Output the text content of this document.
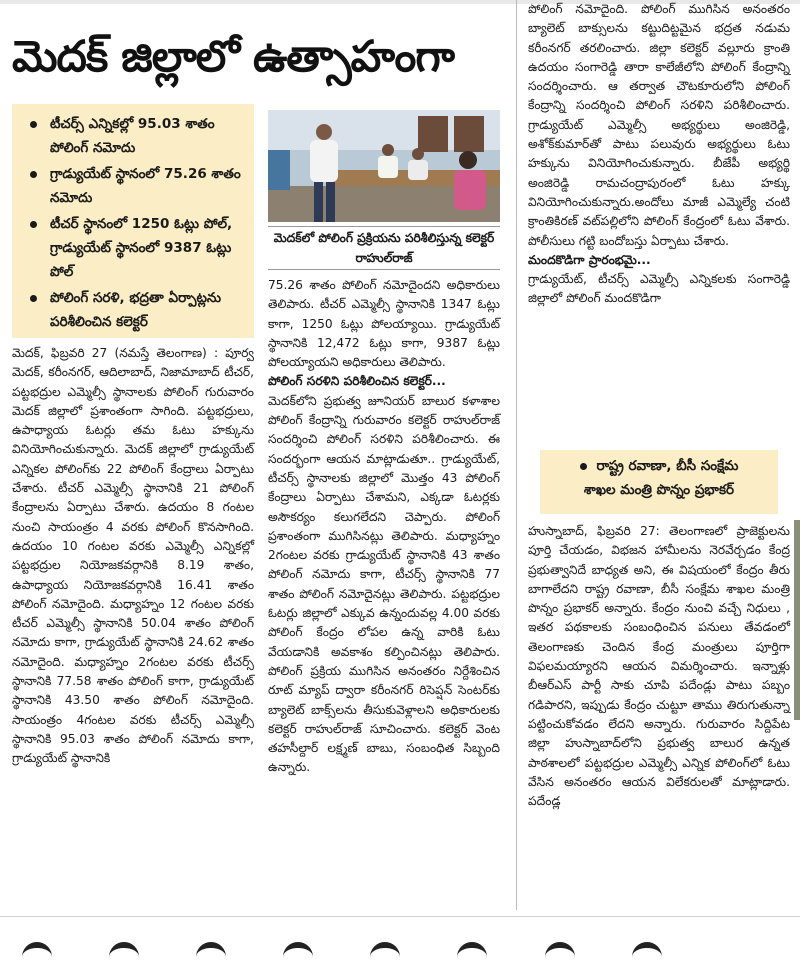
మెదక్ జిల్లాలో ఉత్సాహంగా
టీచర్స్ ఎన్నికల్లో 95.03 శాతం పోలింగ్ నమోదు
గ్రాడ్యుయేట్ స్థానంలో 75.26 శాతం నమోదు
టీచర్ స్థానంలో 1250 ఓట్లు పోల్, గ్రాడ్యుయేట్ స్థానంలో 9387 ఓట్లు పోల్
పోలింగ్ సరళి, భద్రతా ఏర్పాట్లను పరిశీలించిన కలెక్టర్
మెదక్‌లో పోలింగ్ ప్రక్రియను పరిశీలిస్తున్న కలెక్టర్ రాహుల్‌రాజ్

మెదక్, ఫిబ్రవరి 27 (నమస్తే తెలంగాణ) : పూర్వ మెదక్, కరీంనగర్, ఆదిలాబాద్, నిజామాబాద్ టీచర్, పట్టభద్రుల ఎమ్మెల్సీ స్థానాలకు పోలింగ్ గురువారం మెదక్ జిల్లాలో ప్రశాంతంగా సాగింది. పట్టభద్రులు, ఉపాధ్యాయ ఓటర్లు తమ ఓటు హక్కును వినియోగించుకున్నారు. మెదక్ జిల్లాలో గ్రాడ్యుయేట్ ఎన్నికల పోలింగ్‌కు 22 పోలింగ్ కేంద్రాలు ఏర్పాటు చేశారు. టీచర్ ఎమ్మెల్సీ స్థానానికి 21 పోలింగ్ కేంద్రాలను ఏర్పాటు చేశారు. ఉదయం 8 గంటల నుంచి సాయంత్రం 4 వరకు పోలింగ్ కొనసాగింది. ఉదయం 10 గంటల వరకు ఎమ్మెల్సీ ఎన్నికల్లో పట్టభద్రుల నియోజకవర్గానికి 8.19 శాతం, ఉపాధ్యాయ నియోజకవర్గానికి 16.41 శాతం పోలింగ్ నమోదైంది. మధ్యాహ్నం 12 గంటల వరకు టీచర్ ఎమ్మెల్సీ స్థానానికి 50.04 శాతం పోలింగ్ నమోదు కాగా, గ్రాడ్యుయేట్ స్థానానికి 24.62 శాతం నమోదైంది. మధ్యాహ్నం 2గంటల వరకు టీచర్స్ స్థానానికి 77.58 శాతం పోలింగ్ కాగా, గ్రాడ్యుయేట్ స్థానానికి 43.50 శాతం పోలింగ్ నమోదైంది. సాయంత్రం 4గంటల వరకు టీచర్స్ ఎమ్మెల్సీ స్థానానికి 95.03 శాతం పోలింగ్ నమోదు కాగా, గ్రాడ్యుయేట్ స్థానానికి

75.26 శాతం పోలింగ్ నమోదైందని అధికారులు తెలిపారు. టీచర్ ఎమ్మెల్సీ స్థానానికి 1347 ఓట్లు కాగా, 1250 ఓట్లు పోలయ్యాయి. గ్రాడ్యుయేట్ స్థానానికి 12,472 ఓట్లు కాగా, 9387 ఓట్లు పోలయ్యాయని అధికారులు తెలిపారు.

పోలింగ్ సరళిని పరిశీలించిన కలెక్టర్...

మెదక్‌లోని ప్రభుత్వ జూనియర్ బాలుర కళాశాల పోలింగ్ కేంద్రాన్ని గురువారం కలెక్టర్ రాహుల్‌రాజ్ సందర్శించి పోలింగ్ సరళిని పరిశీలించారు. ఈ సందర్భంగా ఆయన మాట్లాడుతూ.. గ్రాడ్యుయేట్, టీచర్స్ స్థానాలకు జిల్లాలో మొత్తం 43 పోలింగ్ కేంద్రాలు ఏర్పాటు చేశామని, ఎక్కడా ఓటర్లకు అసౌకర్యం కలుగలేదని చెప్పారు. పోలింగ్ ప్రశాంతంగా ముగిసినట్లు తెలిపారు. మధ్యాహ్నం 2గంటల వరకు గ్రాడ్యుయేట్ స్థానానికి 43 శాతం పోలింగ్ నమోదు కాగా, టీచర్స్ స్థానానికి 77 శాతం పోలింగ్ నమోదైనట్లు తెలిపారు. పట్టభద్రుల ఓటర్లు జిల్లాలో ఎక్కువ ఉన్నందువల్ల 4.00 వరకు పోలింగ్ కేంద్రం లోపల ఉన్న వారికి ఓటు వేయడానికి అవకాశం కల్పించినట్లు తెలిపారు. పోలింగ్ ప్రక్రియ ముగిసిన అనంతరం నిర్దేశించిన రూట్ మ్యాప్ ద్వారా కరీంనగర్ రిసెప్షన్ సెంటర్‌కు బ్యాలెట్ బాక్స్‌లను తీసుకువెళ్లాలని అధికారులకు కలెక్టర్ రాహుల్‌రాజ్ సూచించారు. కలెక్టర్ వెంట తహసీల్దార్ లక్ష్మణ్ బాబు, సంబంధిత సిబ్బంది ఉన్నారు.

పోలింగ్ నమోదైంది. పోలింగ్ ముగిసిన అనంతరం బ్యాలెట్ బాక్సులను కట్టుదిట్టమైన భద్రత నడుమ కరీంనగర్ తరలించారు. జిల్లా కలెక్టర్ వల్లూరు క్రాంతి ఉదయం సంగారెడ్డి తారా కాలేజీలోని పోలింగ్ కేంద్రాన్ని సందర్శించారు. ఆ తర్వాత చౌటకూరులోని పోలింగ్ కేంద్రాన్ని సందర్శించి పోలింగ్ సరళిని పరిశీలించారు. గ్రాడ్యుయేట్ ఎమ్మెల్సీ అభ్యర్థులు అంజిరెడ్డి, అశోక్‌కుమార్‌తో పాటు పలువురు అభ్యర్థులు ఓటు హక్కును వినియోగించుకున్నారు. బీజేపీ అభ్యర్థి అంజిరెడ్డి రామచంద్రాపురంలో ఓటు హక్కు వినియోగించుకున్నారు.అందోలు మాజీ ఎమ్మెల్యే చంటి క్రాంతికిరణ్ వట్‌పల్లిలోని పోలింగ్ కేంద్రంలో ఓటు వేశారు. పోలీసులు గట్టి బందోబస్తు ఏర్పాటు చేశారు.

మందకొడిగా ప్రారంభమై...

గ్రాడ్యుయేట్, టీచర్స్ ఎమ్మెల్సీ ఎన్నికలకు సంగారెడ్డి జిల్లాలో పోలింగ్ మందకొడిగా

రాష్ట్ర రవాణా, బీసీ సంక్షేమ
శాఖల మంత్రి పొన్నం ప్రభాకర్

హుస్నాబాద్, ఫిబ్రవరి 27: తెలంగాణలో ప్రాజెక్టులను పూర్తి చేయడం, విభజన హామీలను నెరవేర్చడం కేంద్ర ప్రభుత్వానిదే బాధ్యత అని, ఈ విషయంలో కేంద్రం తీరు బాగాలేదని రాష్ట్ర రవాణా, బీసీ సంక్షేమ శాఖల మంత్రి పొన్నం ప్రభాకర్ అన్నారు. కేంద్రం నుంచి వచ్చే నిధులు , ఇతర పథకాలకు సంబంధించిన పనులు తేవడంలో తెలంగాణకు చెందిన కేంద్ర మంత్రులు పూర్తిగా విఫలమయ్యారని ఆయన విమర్శించారు. ఇన్నాళ్లు బీఆర్ఎస్ పార్టీ సాకు చూపి పదేండ్లు పాటు పబ్బం గడిపారని, ఇప్పుడు కేంద్రం చుట్టూ తాము తిరుగుతున్నా పట్టించుకోవడం లేదని అన్నారు. గురువారం సిద్దిపేట జిల్లా హుస్నాబాద్‌లోని ప్రభుత్వ బాలుర ఉన్నత పాఠశాలలో పట్టభద్రుల ఎమ్మెల్సీ ఎన్నిక పోలింగ్‌లో ఓటు వేసిన అనంతరం ఆయన విలేకరులతో మాట్లాడారు. పదేండ్ల
